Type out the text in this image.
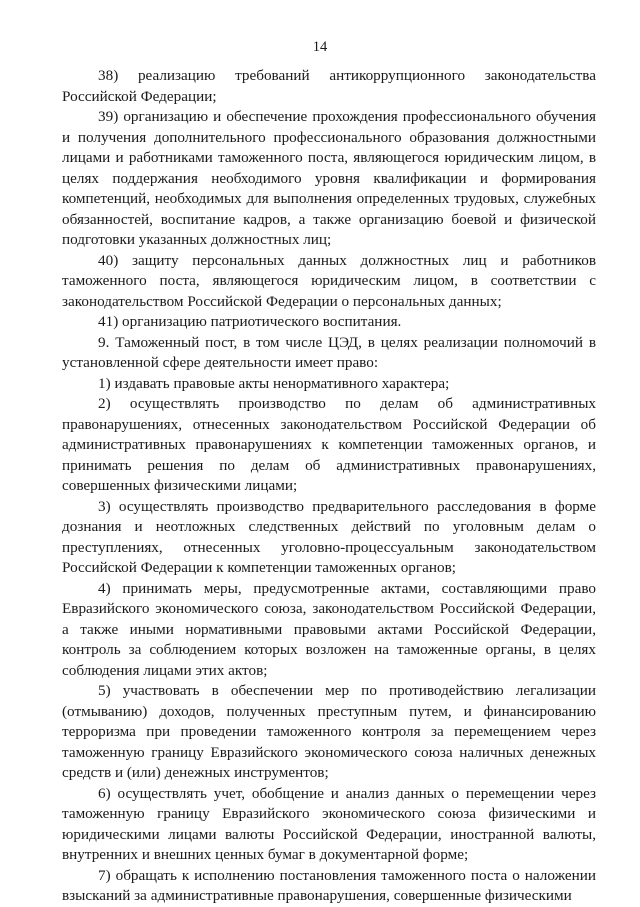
14

38) реализацию требований антикоррупционного законодательства Российской Федерации;

39) организацию и обеспечение прохождения профессионального обучения и получения дополнительного профессионального образования должностными лицами и работниками таможенного поста, являющегося юридическим лицом, в целях поддержания необходимого уровня квалификации и формирования компетенций, необходимых для выполнения определенных трудовых, служебных обязанностей, воспитание кадров, а также организацию боевой и физической подготовки указанных должностных лиц;

40) защиту персональных данных должностных лиц и работников таможенного поста, являющегося юридическим лицом, в соответствии с законодательством Российской Федерации о персональных данных;

41) организацию патриотического воспитания.

9. Таможенный пост, в том числе ЦЭД, в целях реализации полномочий в установленной сфере деятельности имеет право:

1) издавать правовые акты ненормативного характера;

2) осуществлять производство по делам об административных правонарушениях, отнесенных законодательством Российской Федерации об административных правонарушениях к компетенции таможенных органов, и принимать решения по делам об административных правонарушениях, совершенных физическими лицами;

3) осуществлять производство предварительного расследования в форме дознания и неотложных следственных действий по уголовным делам о преступлениях, отнесенных уголовно-процессуальным законодательством Российской Федерации к компетенции таможенных органов;

4) принимать меры, предусмотренные актами, составляющими право Евразийского экономического союза, законодательством Российской Федерации, а также иными нормативными правовыми актами Российской Федерации, контроль за соблюдением которых возложен на таможенные органы, в целях соблюдения лицами этих актов;

5) участвовать в обеспечении мер по противодействию легализации (отмыванию) доходов, полученных преступным путем, и финансированию терроризма при проведении таможенного контроля за перемещением через таможенную границу Евразийского экономического союза наличных денежных средств и (или) денежных инструментов;

6) осуществлять учет, обобщение и анализ данных о перемещении через таможенную границу Евразийского экономического союза физическими и юридическими лицами валюты Российской Федерации, иностранной валюты, внутренних и внешних ценных бумаг в документарной форме;

7) обращать к исполнению постановления таможенного поста о наложении взысканий за административные правонарушения, совершенные физическими
